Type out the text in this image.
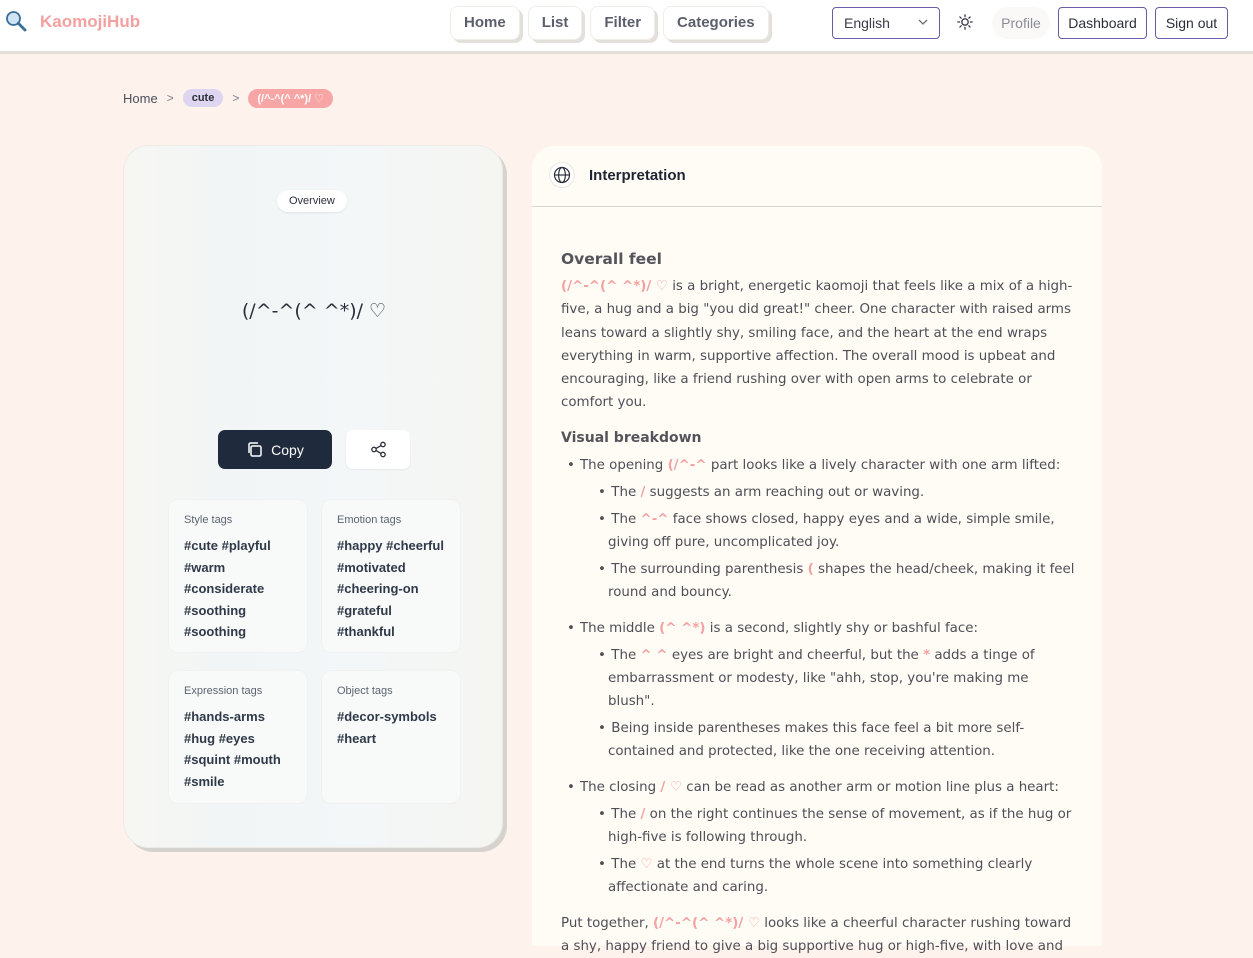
KaomojiHub	Home	List	Filter	Categories	English	Profile	Dashboard	Sign out
Home >	cute	>	(/^-^(^ ^*)/ ♡
Overview
(/^-^(^ ^*)/ ♡
Copy
Style tags
#cute #playful
#warm
#considerate
#soothing
#soothing
Emotion tags
#happy #cheerful
#motivated
#cheering-on
#grateful
#thankful
Expression tags
#hands-arms
#hug #eyes
#squint #mouth
#smile
Object tags
#decor-symbols
#heart
Interpretation
Overall feel

(/^-^(^ ^*)/ ♡ is a bright, energetic kaomoji that feels like a mix of a high-five, a hug and a big "you did great!" cheer. One character with raised arms leans toward a slightly shy, smiling face, and the heart at the end wraps everything in warm, supportive affection. The overall mood is upbeat and encouraging, like a friend rushing over with open arms to celebrate or comfort you.

Visual breakdown
• The opening (/^-^ part looks like a lively character with one arm lifted:
• The / suggests an arm reaching out or waving.
• The ^-^ face shows closed, happy eyes and a wide, simple smile, giving off pure, uncomplicated joy.
• The surrounding parenthesis ( shapes the head/cheek, making it feel round and bouncy.
• The middle (^ ^*) is a second, slightly shy or bashful face:
• The ^ ^ eyes are bright and cheerful, but the * adds a tinge of embarrassment or modesty, like "ahh, stop, you're making me blush".
• Being inside parentheses makes this face feel a bit more self-contained and protected, like the one receiving attention.
• The closing / ♡ can be read as another arm or motion line plus a heart:
• The / on the right continues the sense of movement, as if the hug or high-five is following through.
• The ♡ at the end turns the whole scene into something clearly affectionate and caring.

Put together, (/^-^(^ ^*)/ ♡ looks like a cheerful character rushing toward a shy, happy friend to give a big supportive hug or high-five, with love and
